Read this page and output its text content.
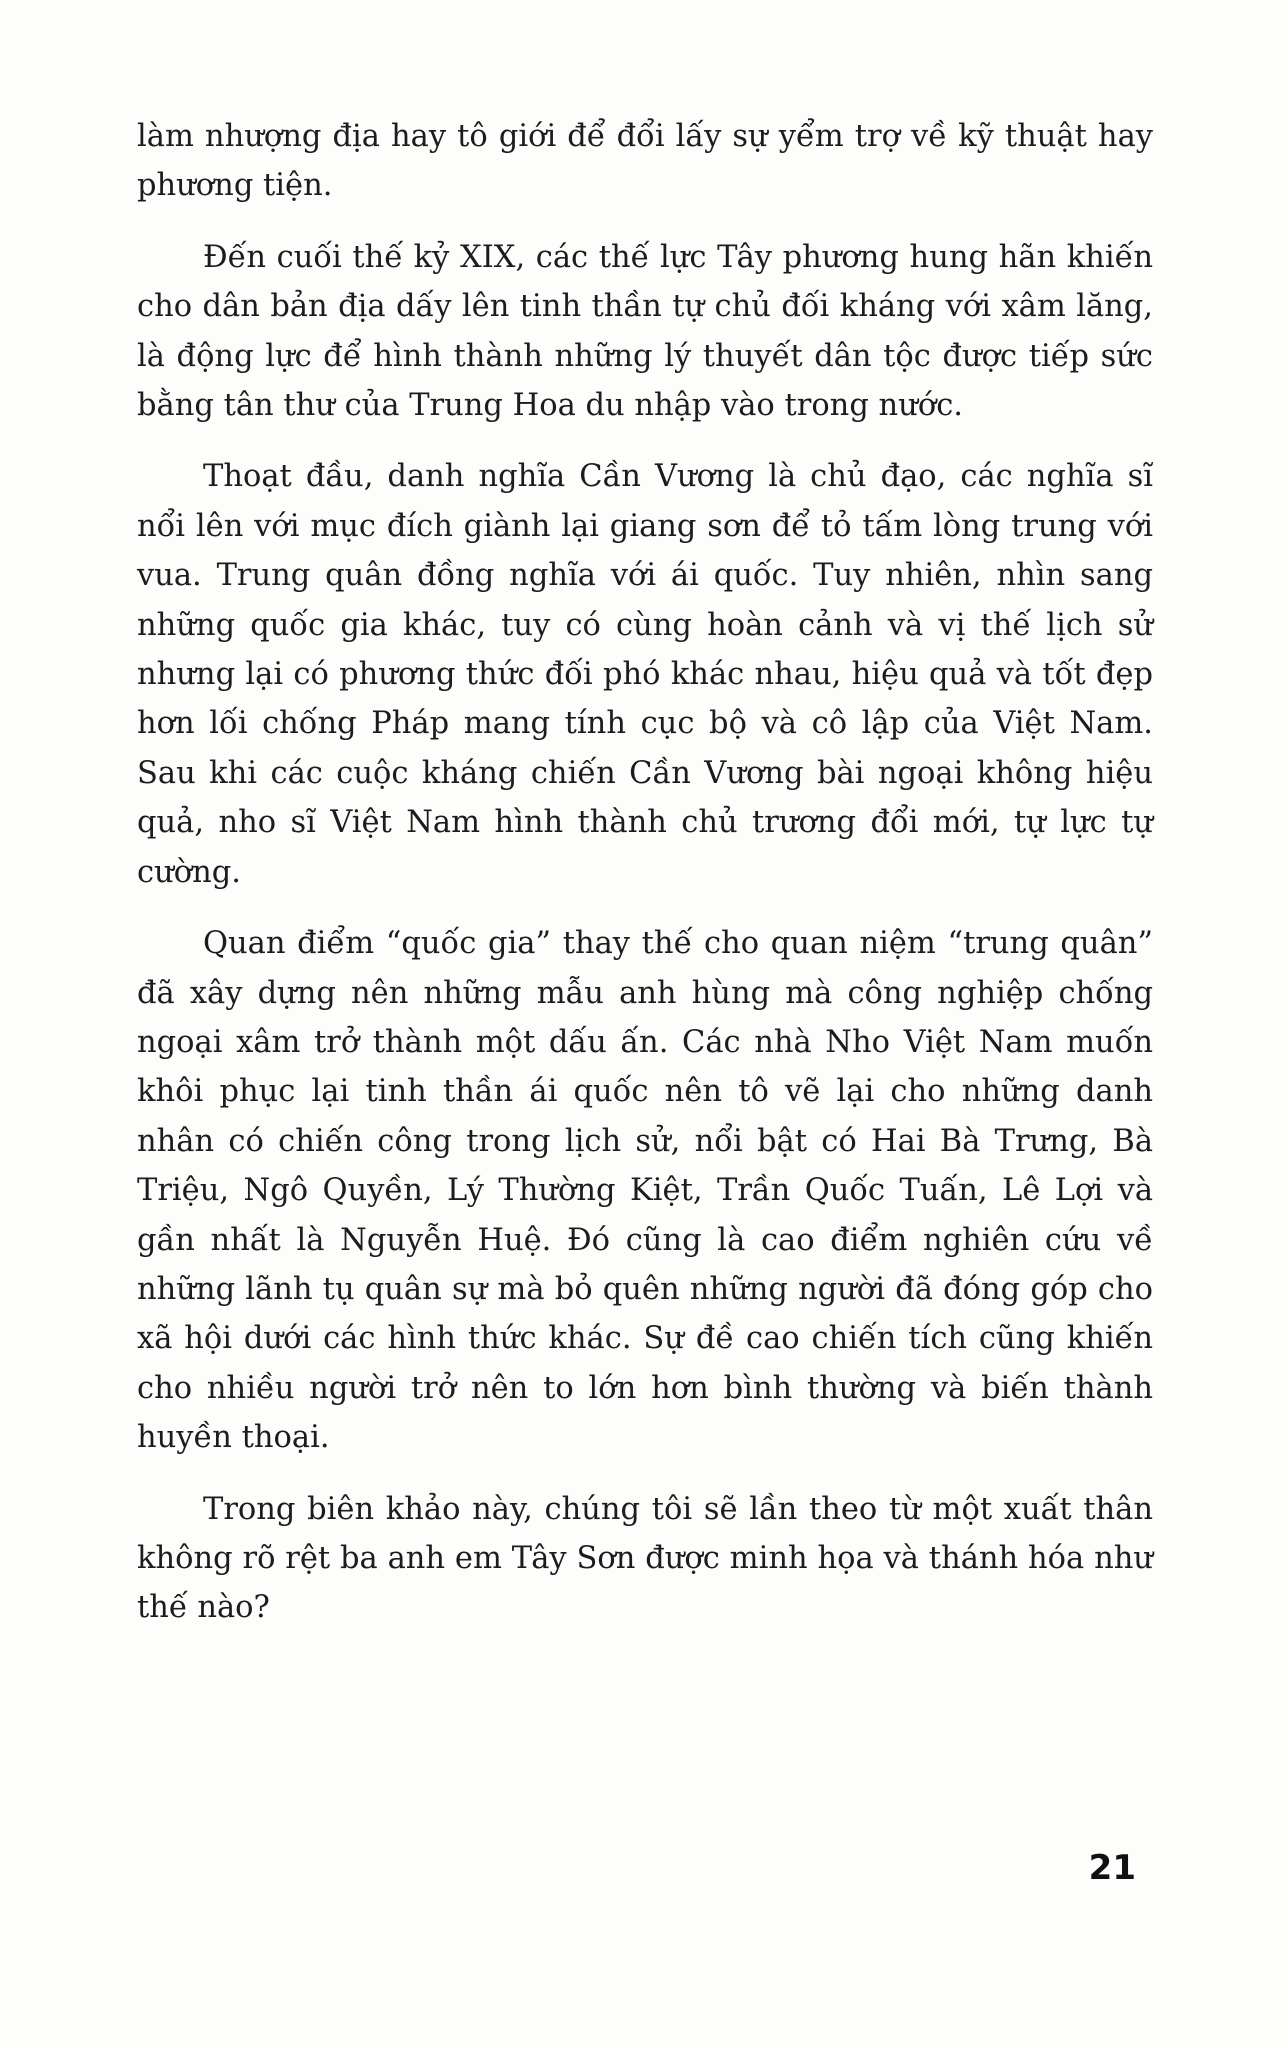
làm nhượng địa hay tô giới để đổi lấy sự yểm trợ về kỹ thuật hay phương tiện.

Đến cuối thế kỷ XIX, các thế lực Tây phương hung hãn khiến cho dân bản địa dấy lên tinh thần tự chủ đối kháng với xâm lăng, là động lực để hình thành những lý thuyết dân tộc được tiếp sức bằng tân thư của Trung Hoa du nhập vào trong nước.

Thoạt đầu, danh nghĩa Cần Vương là chủ đạo, các nghĩa sĩ nổi lên với mục đích giành lại giang sơn để tỏ tấm lòng trung với vua. Trung quân đồng nghĩa với ái quốc. Tuy nhiên, nhìn sang những quốc gia khác, tuy có cùng hoàn cảnh và vị thế lịch sử nhưng lại có phương thức đối phó khác nhau, hiệu quả và tốt đẹp hơn lối chống Pháp mang tính cục bộ và cô lập của Việt Nam. Sau khi các cuộc kháng chiến Cần Vương bài ngoại không hiệu quả, nho sĩ Việt Nam hình thành chủ trương đổi mới, tự lực tự cường.

Quan điểm “quốc gia” thay thế cho quan niệm “trung quân” đã xây dựng nên những mẫu anh hùng mà công nghiệp chống ngoại xâm trở thành một dấu ấn. Các nhà Nho Việt Nam muốn khôi phục lại tinh thần ái quốc nên tô vẽ lại cho những danh nhân có chiến công trong lịch sử, nổi bật có Hai Bà Trưng, Bà Triệu, Ngô Quyền, Lý Thường Kiệt, Trần Quốc Tuấn, Lê Lợi và gần nhất là Nguyễn Huệ. Đó cũng là cao điểm nghiên cứu về những lãnh tụ quân sự mà bỏ quên những người đã đóng góp cho xã hội dưới các hình thức khác. Sự đề cao chiến tích cũng khiến cho nhiều người trở nên to lớn hơn bình thường và biến thành huyền thoại.

Trong biên khảo này, chúng tôi sẽ lần theo từ một xuất thân không rõ rệt ba anh em Tây Sơn được minh họa và thánh hóa như thế nào?

21
